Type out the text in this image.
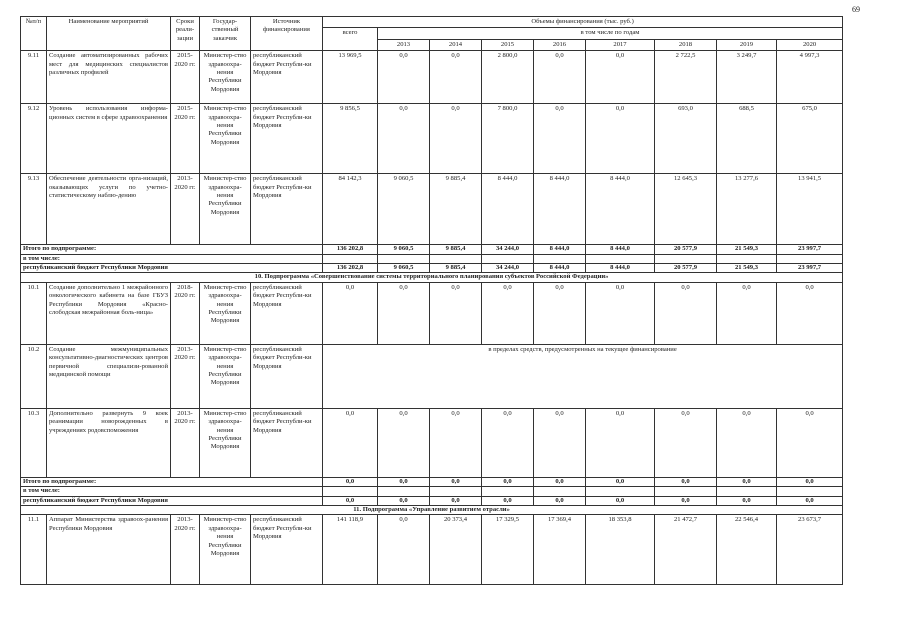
69
№п/п	Наименование мероприятий	Сроки реали-зации	Государ-ственный заказчик	Источник финансирования	Объемы финансирования (тыс. руб.)								
					всего	в том числе по годам							
						2013	2014	2015	2016	2017	2018	2019	2020
9.11	Создание автоматизированных рабочих мест для медицинских специалистов различных профилей	2015-2020 гг.	Министер-ство здравоохра-нения Республики Мордовия	республиканский бюджет Республи-ки Мордовия	13 969,5	0,0	0,0	2 800,0	0,0	0,0	2 722,5	3 249,7	4 997,3
9.12	Уровень использования информа-ционных систем в сфере здравоохранения	2015-2020 гг.	Министер-ство здравоохра-нения Республики Мордовия	республиканский бюджет Республи-ки Мордовия	9 856,5	0,0	0,0	7 800,0	0,0	0,0	693,0	688,5	675,0
9.13	Обеспечение деятельности орга-низаций, оказывающих услуги по учетно-статистическому наблю-дению	2013-2020 гг.	Министер-ство здравоохра-нения Республики Мордовия	республиканский бюджет Республи-ки Мордовия	84 142,3	9 060,5	9 885,4	8 444,0	8 444,0	8 444,0	12 645,3	13 277,6	13 941,5
Итого по подпрограмме:					136 202,8	9 060,5	9 885,4	34 244,0	8 444,0	8 444,0	20 577,9	21 549,3	23 997,7
в том числе:													
республиканский бюджет Республики Мордовия					136 202,8	9 060,5	9 885,4	34 244,0	8 444,0	8 444,0	20 577,9	21 549,3	23 997,7
10. Подпрограмма «Совершенствование системы территориального планирования субъектов Российской Федерации»													
10.1	Создание дополнительно 1 межрайонного онкологического кабинета на базе ГБУЗ Республики Мордовия «Красно-слободская межрайонная боль-ница»	2018-2020 гг.	Министер-ство здравоохра-нения Республики Мордовия	республиканский бюджет Республи-ки Мордовия	0,0	0,0	0,0	0,0	0,0	0,0	0,0	0,0	0,0
10.2	Создание межмуниципальных консультативно-диагностических центров первичной специализи-рованной медицинской помощи	2013-2020 гг.	Министер-ство здравоохра-нения Республики Мордовия	республиканский бюджет Республи-ки Мордовия	в пределах средств, предусмотренных на текущее финансирование								
10.3	Дополнительно развернуть 9 коек реанимации новорожденных в учреждениях родовспоможения	2013-2020 гг.	Министер-ство здравоохра-нения Республики Мордовия	республиканский бюджет Республи-ки Мордовия	0,0	0,0	0,0	0,0	0,0	0,0	0,0	0,0	0,0
Итого по подпрограмме:					0,0	0,0	0,0	0,0	0,0	0,0	0,0	0,0	0,0
в том числе:													
республиканский бюджет Республики Мордовия					0,0	0,0	0,0	0,0	0,0	0,0	0,0	0,0	0,0
11. Подпрограмма «Управление развитием отрасли»													
11.1	Аппарат Министерства здравоох-ранения Республики Мордовия	2013-2020 гг.	Министер-ство здравоохра-нения Республики Мордовия	республиканский бюджет Республи-ки Мордовия	141 118,9	0,0	20 373,4	17 329,5	17 369,4	18 353,8	21 472,7	22 546,4	23 673,7
